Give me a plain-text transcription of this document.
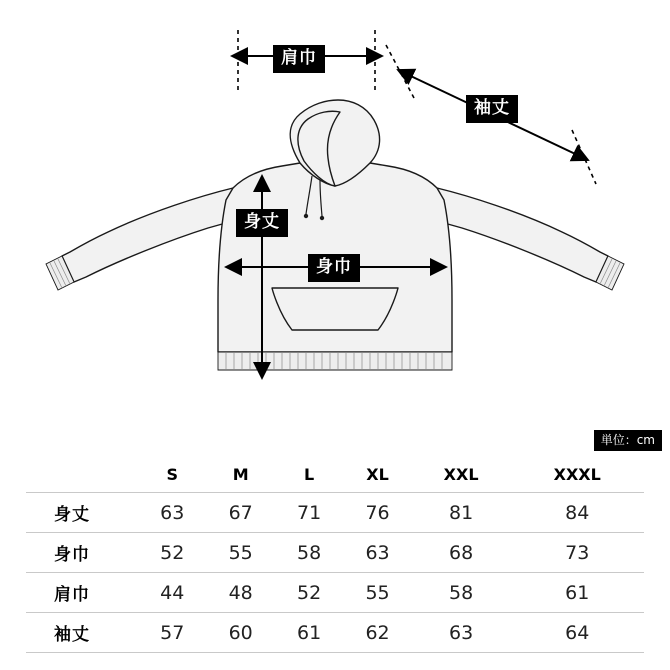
肩巾
袖丈
身丈
身巾
単位：cm
	S	M	L	XL	XXL	XXXL
身丈	63	67	71	76	81	84
身巾	52	55	58	63	68	73
肩巾	44	48	52	55	58	61
袖丈	57	60	61	62	63	64
